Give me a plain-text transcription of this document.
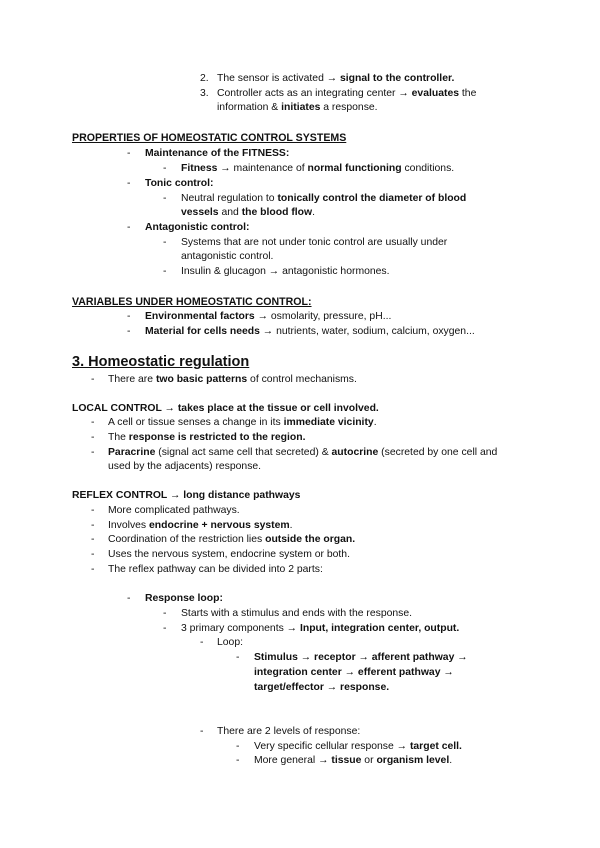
2. The sensor is activated → signal to the controller.
3. Controller acts as an integrating center → evaluates the
information & initiates a response.
PROPERTIES OF HOMEOSTATIC CONTROL SYSTEMS
- Maintenance of the FITNESS:
- Fitness → maintenance of normal functioning conditions.
- Tonic control:
- Neutral regulation to tonically control the diameter of blood
vessels and the blood flow.
- Antagonistic control:
- Systems that are not under tonic control are usually under
antagonistic control.
- Insulin & glucagon → antagonistic hormones.
VARIABLES UNDER HOMEOSTATIC CONTROL:
- Environmental factors → osmolarity, pressure, pH...
- Material for cells needs → nutrients, water, sodium, calcium, oxygen...
3. Homeostatic regulation
- There are two basic patterns of control mechanisms.
LOCAL CONTROL → takes place at the tissue or cell involved.
- A cell or tissue senses a change in its immediate vicinity.
- The response is restricted to the region.
- Paracrine (signal act same cell that secreted) & autocrine (secreted by one cell and
used by the adjacents) response.
REFLEX CONTROL → long distance pathways
- More complicated pathways.
- Involves endocrine + nervous system.
- Coordination of the restriction lies outside the organ.
- Uses the nervous system, endocrine system or both.
- The reflex pathway can be divided into 2 parts:
- Response loop:
- Starts with a stimulus and ends with the response.
- 3 primary components → Input, integration center, output.
- Loop:
- Stimulus → receptor → afferent pathway →
integration center → efferent pathway →
target/effector → response.
- There are 2 levels of response:
- Very specific cellular response → target cell.
- More general → tissue or organism level.
